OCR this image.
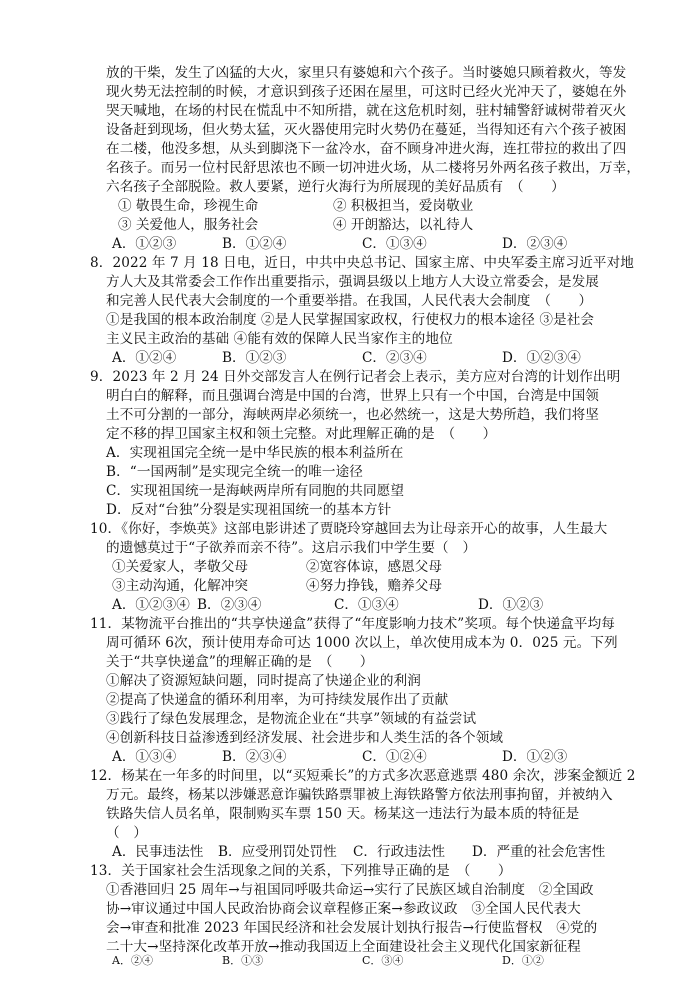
放的干柴，发生了凶猛的大火，家里只有婆媳和六个孩子。当时婆媳只顾着救火，等发
现火势无法控制的时候，才意识到孩子还困在屋里，可这时已经火光冲天了，婆媳在外
哭天喊地，在场的村民在慌乱中不知所措，就在这危机时刻，驻村辅警舒诚树带着灭火
设备赶到现场，但火势太猛，灭火器使用完时火势仍在蔓延，当得知还有六个孩子被困
在二楼，他没多想，从头到脚浇下一盆冷水，奋不顾身冲进火海，连扛带拉的救出了四
名孩子。而另一位村民舒思浓也不顾一切冲进火场，从二楼将另外两名孩子救出，万幸，
六名孩子全部脱险。救人要紧，逆行火海行为所展现的美好品质有　（　　）
① 敬畏生命，珍视生命	② 积极担当，爱岗敬业
③ 关爱他人，服务社会	④ 开朗豁达，以礼待人
A．①②③	B．①②④	C．①③④	D．②③④
8．2022 年 7 月 18 日电，近日，中共中央总书记、国家主席、中央军委主席习近平对地
方人大及其常委会工作作出重要指示，强调县级以上地方人大设立常委会，是发展
和完善人民代表大会制度的一个重要举措。在我国，人民代表大会制度　（　　）
①是我国的根本政治制度 ②是人民掌握国家政权，行使权力的根本途径 ③是社会
主义民主政治的基础 ④能有效的保障人民当家作主的地位
A．①②④	B．①②③	C．②③④	D．①②③④
9．2023 年 2 月 24 日外交部发言人在例行记者会上表示，美方应对台湾的计划作出明
明白白的解释，而且强调台湾是中国的台湾，世界上只有一个中国，台湾是中国领
土不可分割的一部分，海峡两岸必须统一，也必然统一，这是大势所趋，我们将坚
定不移的捍卫国家主权和领土完整。对此理解正确的是　（　　）
A．实现祖国完全统一是中华民族的根本利益所在
B．“一国两制”是实现完全统一的唯一途径
C．实现祖国统一是海峡两岸所有同胞的共同愿望
D．反对“台独”分裂是实现祖国统一的基本方针
10．《你好，李焕英》这部电影讲述了贾晓玲穿越回去为让母亲开心的故事，人生最大
的遗憾莫过于“子欲养而亲不待”。这启示我们中学生要（　）
①关爱家人，孝敬父母	②宽容体谅，感恩父母
③主动沟通，化解冲突	④努力挣钱，赡养父母
A．①②③④ B．②③④	C．①③④	D．①②③
11．某物流平台推出的“共享快递盒”获得了“年度影响力技术”奖项。每个快递盒平均每
周可循环 6次，预计使用寿命可达 1000 次以上，单次使用成本为 0．025 元。下列
关于“共享快递盒”的理解正确的是　（　　）
①解决了资源短缺问题，同时提高了快递企业的利润
②提高了快递盒的循环利用率，为可持续发展作出了贡献
③践行了绿色发展理念，是物流企业在“共享”领域的有益尝试
④创新科技日益渗透到经济发展、社会进步和人类生活的各个领域
A．①③④	B．②③④	C．①②④	D．①②③
12．杨某在一年多的时间里，以“买短乘长”的方式多次恶意逃票 480 余次，涉案金额近 2
万元。最终，杨某以涉嫌恶意诈骗铁路票罪被上海铁路警方依法刑事拘留，并被纳入
铁路失信人员名单，限制购买车票 150 天。杨某这一违法行为最本质的特征是
（　）
A．民事违法性 B．应受刑罚处罚性 C．行政违法性 D．严重的社会危害性
13．关于国家社会生活现象之间的关系，下列推导正确的是　（　　）
①香港回归 25 周年→与祖国同呼吸共命运→实行了民族区域自治制度　②全国政
协→审议通过中国人民政治协商会议章程修正案→参政议政　③全国人民代表大
会→审查和批准 2023 年国民经济和社会发展计划执行报告→行使监督权　④党的
二十大→坚持深化改革开放→推动我国迈上全面建设社会主义现代化国家新征程
A．②④	B．①③	C．③④	D．①②
